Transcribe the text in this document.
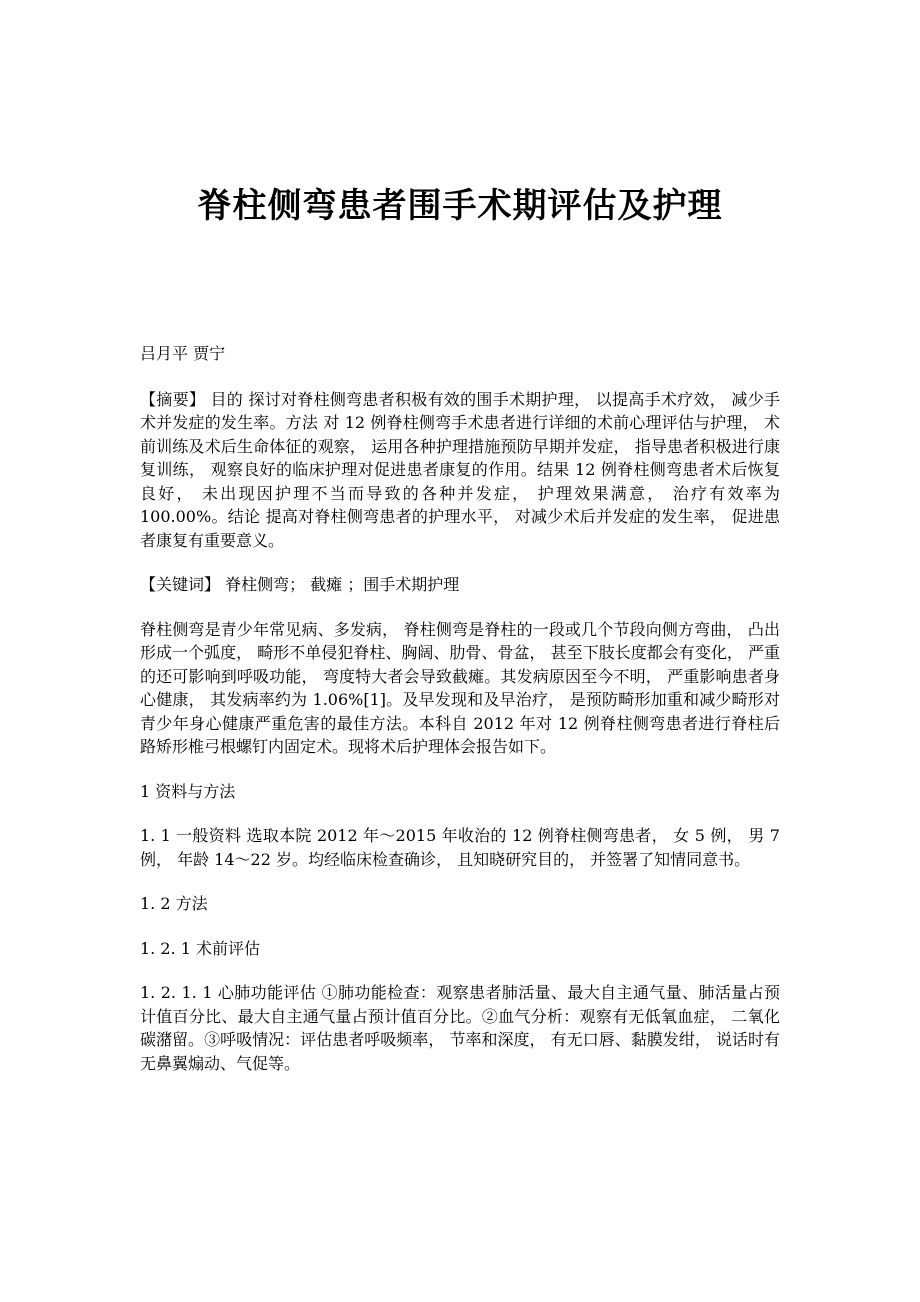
脊柱侧弯患者围手术期评估及护理

吕月平 贾宁

【摘要】 目的 探讨对脊柱侧弯患者积极有效的围手术期护理， 以提高手术疗效， 减少手术并发症的发生率。方法 对 12 例脊柱侧弯手术患者进行详细的术前心理评估与护理， 术前训练及术后生命体征的观察， 运用各种护理措施预防早期并发症， 指导患者积极进行康复训练， 观察良好的临床护理对促进患者康复的作用。结果 12 例脊柱侧弯患者术后恢复良好， 未出现因护理不当而导致的各种并发症， 护理效果满意， 治疗有效率为 100.00%。结论 提高对脊柱侧弯患者的护理水平， 对减少术后并发症的发生率， 促进患者康复有重要意义。

【关键词】 脊柱侧弯； 截瘫 ；围手术期护理

脊柱侧弯是青少年常见病、多发病， 脊柱侧弯是脊柱的一段或几个节段向侧方弯曲， 凸出形成一个弧度， 畸形不单侵犯脊柱、胸阔、肋骨、骨盆， 甚至下肢长度都会有变化， 严重的还可影响到呼吸功能， 弯度特大者会导致截瘫。其发病原因至今不明， 严重影响患者身心健康， 其发病率约为 1.06%[1]。及早发现和及早治疗， 是预防畸形加重和减少畸形对青少年身心健康严重危害的最佳方法。本科自 2012 年对 12 例脊柱侧弯患者进行脊柱后路矫形椎弓根螺钉内固定术。现将术后护理体会报告如下。

1 资料与方法

1. 1 一般资料 选取本院 2012 年～2015 年收治的 12 例脊柱侧弯患者， 女 5 例， 男 7 例， 年龄 14～22 岁。均经临床检查确诊， 且知晓研究目的， 并签署了知情同意书。

1. 2 方法

1. 2. 1 术前评估

1. 2. 1. 1 心肺功能评估 ①肺功能检查：观察患者肺活量、最大自主通气量、肺活量占预计值百分比、最大自主通气量占预计值百分比。②血气分析：观察有无低氧血症， 二氧化碳潴留。③呼吸情况：评估患者呼吸频率， 节率和深度， 有无口唇、黏膜发绀， 说话时有无鼻翼煽动、气促等。
